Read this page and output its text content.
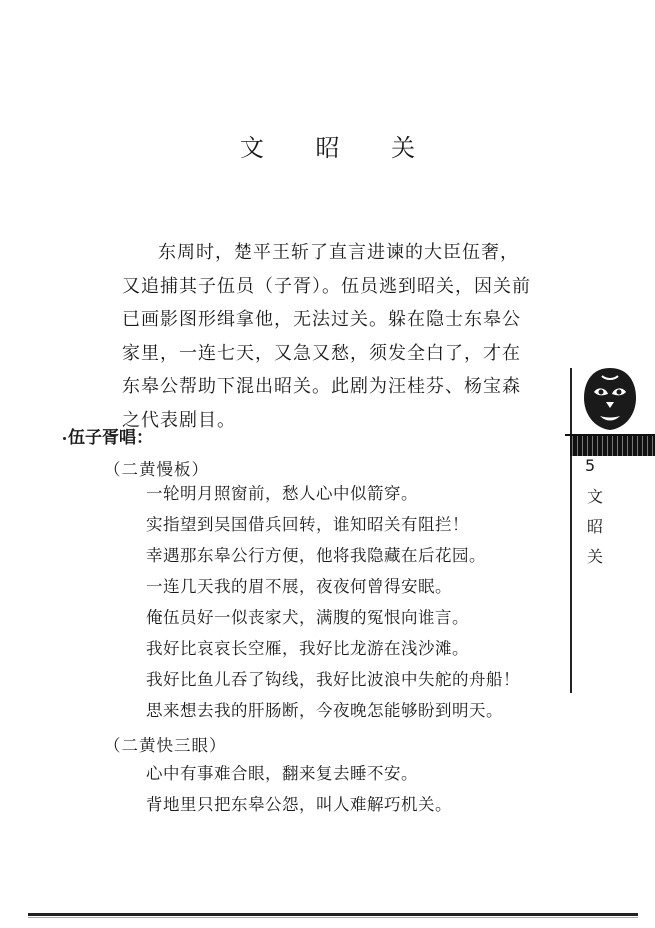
文 昭 关
东周时，楚平王斩了直言进谏的大臣伍奢，又追捕其子伍员（子胥）。伍员逃到昭关，因关前已画影图形缉拿他，无法过关。躲在隐士东皋公家里，一连七天，又急又愁，须发全白了，才在东皋公帮助下混出昭关。此剧为汪桂芬、杨宝森之代表剧目。
伍子胥唱：
（二黄慢板）
一轮明月照窗前，愁人心中似箭穿。
实指望到吴国借兵回转，谁知昭关有阻拦！
幸遇那东皋公行方便，他将我隐藏在后花园。
一连几天我的眉不展，夜夜何曾得安眠。
俺伍员好一似丧家犬，满腹的冤恨向谁言。
我好比哀哀长空雁，我好比龙游在浅沙滩。
我好比鱼儿吞了钩线，我好比波浪中失舵的舟船！
思来想去我的肝肠断，今夜晚怎能够盼到明天。
（二黄快三眼）
心中有事难合眼，翻来复去睡不安。
背地里只把东皋公怨，叫人难解巧机关。
5
文
昭
关
